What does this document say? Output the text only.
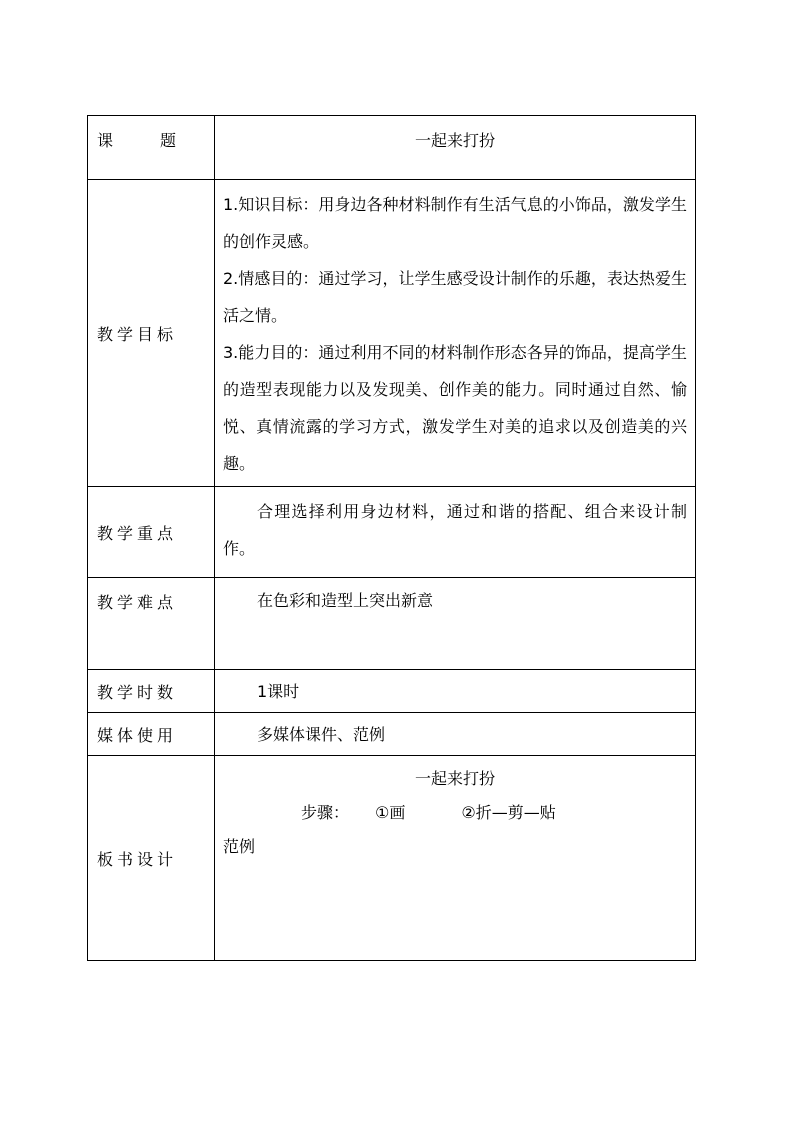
课 题	一起来打扮
教学目标	1.知识目标：用身边各种材料制作有生活气息的小饰品，激发学生的创作灵感。

2.情感目的：通过学习，让学生感受设计制作的乐趣，表达热爱生活之情。

3.能力目的：通过利用不同的材料制作形态各异的饰品，提高学生的造型表现能力以及发现美、创作美的能力。同时通过自然、愉悦、真情流露的学习方式，激发学生对美的追求以及创造美的兴趣。

教学重点	合理选择利用身边材料，通过和谐的搭配、组合来设计制作。

教学难点	在色彩和造型上突出新意

教学时数	1课时

媒体使用	多媒体课件、范例

板书设计	一起来打扮
步骤： ①画 ②折—剪—贴
范例
